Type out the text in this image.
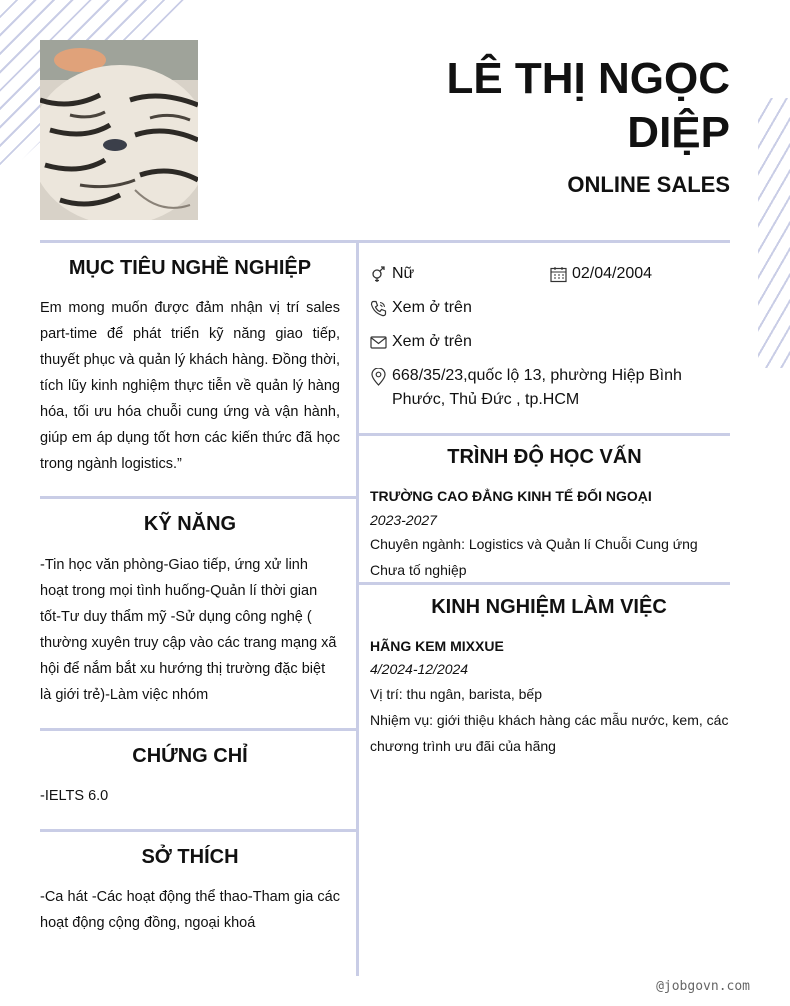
LÊ THỊ NGỌC
DIỆP

ONLINE SALES

MỤC TIÊU NGHỀ NGHIỆP

Em mong muốn được đảm nhận vị trí sales part-time để phát triển kỹ năng giao tiếp, thuyết phục và quản lý khách hàng. Đồng thời, tích lũy kinh nghiệm thực tiễn về quản lý hàng hóa, tối ưu hóa chuỗi cung ứng và vận hành, giúp em áp dụng tốt hơn các kiến thức đã học trong ngành logistics.”

KỸ NĂNG

-Tin học văn phòng-Giao tiếp, ứng xử linh hoạt trong mọi tình huống-Quản lí thời gian tốt-Tư duy thẩm mỹ -Sử dụng công nghệ ( thường xuyên truy cập vào các trang mạng xã hội để nắm bắt xu hướng thị trường đặc biệt là giới trẻ)-Làm việc nhóm

CHỨNG CHỈ

-IELTS 6.0

SỞ THÍCH

-Ca hát -Các hoạt động thể thao-Tham gia các hoạt động cộng đồng, ngoại khoá

Nữ	02/04/2004
Xem ở trên
Xem ở trên
668/35/23,quốc lộ 13, phường Hiệp Bình Phước, Thủ Đức , tp.HCM
TRÌNH ĐỘ HỌC VẤN

TRƯỜNG CAO ĐẲNG KINH TẾ ĐỐI NGOẠI

2023-2027

Chuyên ngành: Logistics và Quản lí Chuỗi Cung ứng

Chưa tố nghiệp

KINH NGHIỆM LÀM VIỆC

HÃNG KEM MIXXUE

4/2024-12/2024

Vị trí: thu ngân, barista, bếp

Nhiệm vụ: giới thiệu khách hàng các mẫu nước, kem, các chương trình ưu đãi của hãng

@jobgovn.com
